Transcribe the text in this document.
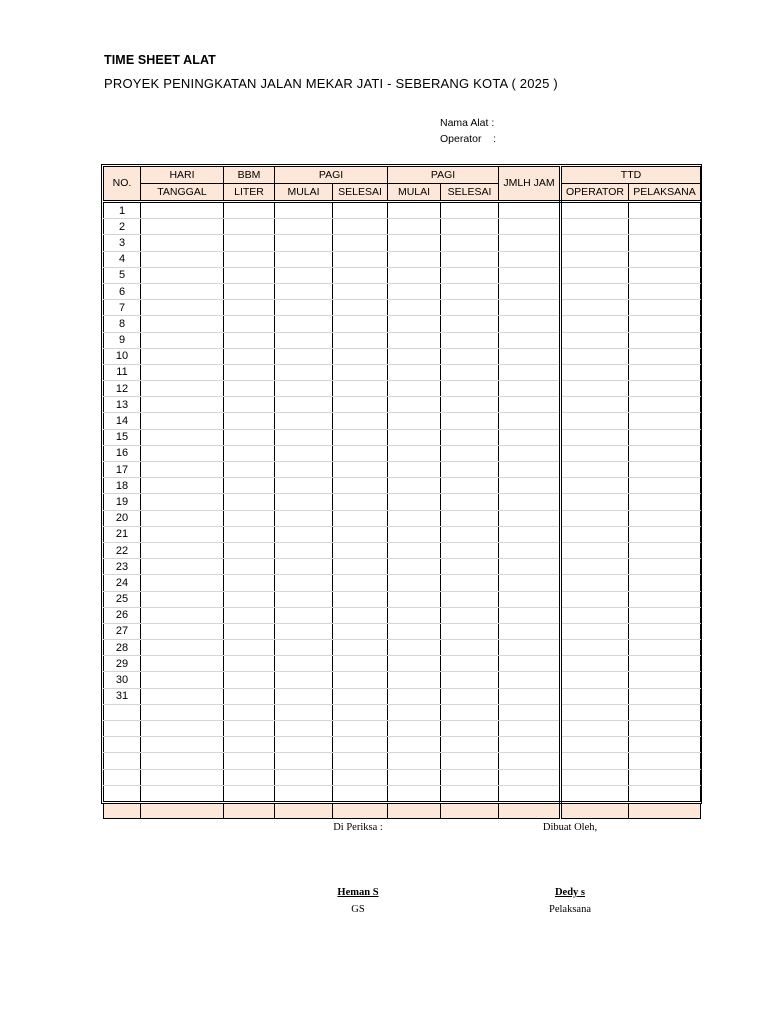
TIME SHEET ALAT
PROYEK PENINGKATAN JALAN MEKAR JATI - SEBERANG KOTA ( 2025 )
Nama Alat :
Operator    :
NO.	HARI	BBM	PAGI		PAGI		JMLH JAM	TTD	
	TANGGAL	LITER	MULAI	SELESAI	MULAI	SELESAI		OPERATOR	PELAKSANA
1									
2									
3									
4									
5									
6									
7									
8									
9									
10									
11									
12									
13									
14									
15									
16									
17									
18									
19									
20									
21									
22									
23									
24									
25									
26									
27									
28									
29									
30									
31									

Di Periksa :	Dibuat Oleh,
Heman S
GS
Dedy s
Pelaksana
